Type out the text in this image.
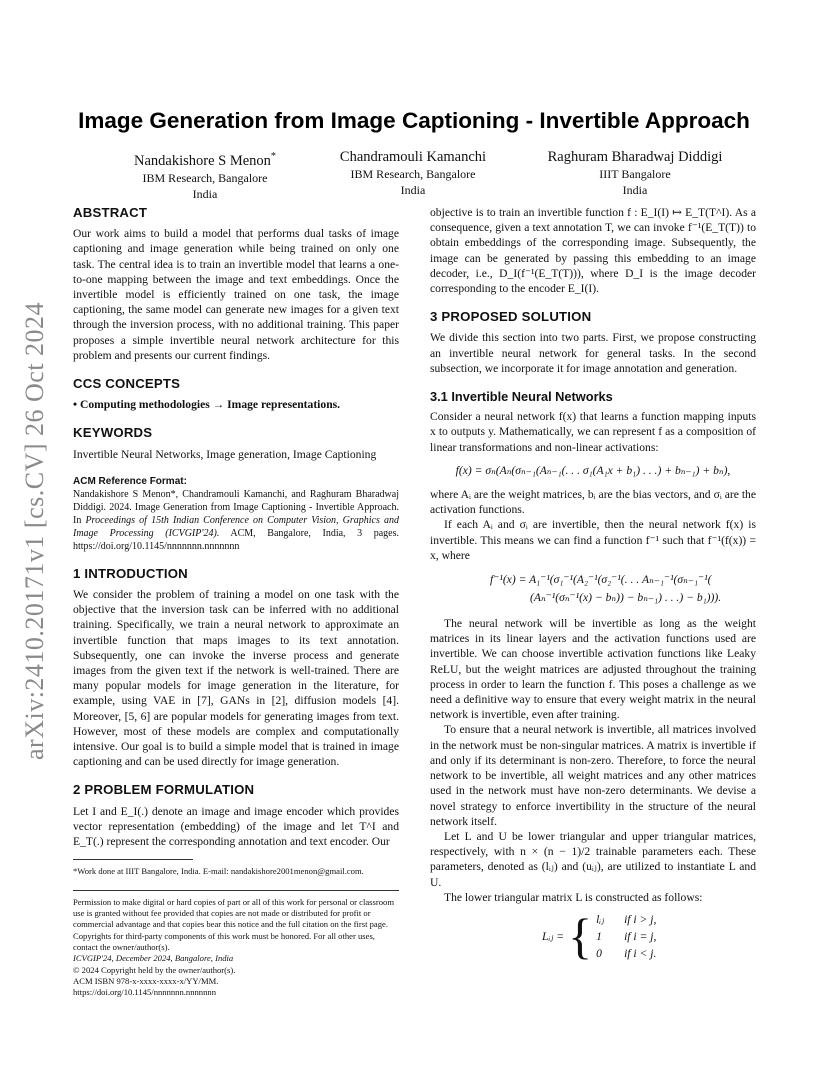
arXiv:2410.20171v1 [cs.CV] 26 Oct 2024
Image Generation from Image Captioning - Invertible Approach
Nandakishore S Menon*
IBM Research, Bangalore
India
Chandramouli Kamanchi
IBM Research, Bangalore
India
Raghuram Bharadwaj Diddigi
IIIT Bangalore
India
ABSTRACT

Our work aims to build a model that performs dual tasks of image captioning and image generation while being trained on only one task. The central idea is to train an invertible model that learns a one-to-one mapping between the image and text embeddings. Once the invertible model is efficiently trained on one task, the image captioning, the same model can generate new images for a given text through the inversion process, with no additional training. This paper proposes a simple invertible neural network architecture for this problem and presents our current findings.

CCS CONCEPTS

• Computing methodologies → Image representations.

KEYWORDS

Invertible Neural Networks, Image generation, Image Captioning

ACM Reference Format:

Nandakishore S Menon*, Chandramouli Kamanchi, and Raghuram Bharadwaj Diddigi. 2024. Image Generation from Image Captioning - Invertible Approach. In Proceedings of 15th Indian Conference on Computer Vision, Graphics and Image Processing (ICVGIP'24). ACM, Bangalore, India, 3 pages. https://doi.org/10.1145/nnnnnnn.nnnnnnn

1 INTRODUCTION

We consider the problem of training a model on one task with the objective that the inversion task can be inferred with no additional training. Specifically, we train a neural network to approximate an invertible function that maps images to its text annotation. Subsequently, one can invoke the inverse process and generate images from the given text if the network is well-trained. There are many popular models for image generation in the literature, for example, using VAE in [7], GANs in [2], diffusion models [4]. Moreover, [5, 6] are popular models for generating images from text. However, most of these models are complex and computationally intensive. Our goal is to build a simple model that is trained in image captioning and can be used directly for image generation.

2 PROBLEM FORMULATION

Let I and E_I(.) denote an image and image encoder which provides vector representation (embedding) of the image and let T^I and E_T(.) represent the corresponding annotation and text encoder. Our

*Work done at IIIT Bangalore, India. E-mail: nandakishore2001menon@gmail.com.
Permission to make digital or hard copies of part or all of this work for personal or classroom use is granted without fee provided that copies are not made or distributed for profit or commercial advantage and that copies bear this notice and the full citation on the first page. Copyrights for third-party components of this work must be honored. For all other uses, contact the owner/author(s).
ICVGIP'24, December 2024, Bangalore, India
© 2024 Copyright held by the owner/author(s).
ACM ISBN 978-x-xxxx-xxxx-x/YY/MM.
https://doi.org/10.1145/nnnnnnn.nnnnnnn

objective is to train an invertible function f : E_I(I) ↦ E_T(T^I). As a consequence, given a text annotation T, we can invoke f⁻¹(E_T(T)) to obtain embeddings of the corresponding image. Subsequently, the image can be generated by passing this embedding to an image decoder, i.e., D_I(f⁻¹(E_T(T))), where D_I is the image decoder corresponding to the encoder E_I(I).

3 PROPOSED SOLUTION

We divide this section into two parts. First, we propose constructing an invertible neural network for general tasks. In the second subsection, we incorporate it for image annotation and generation.

3.1 Invertible Neural Networks

Consider a neural network f(x) that learns a function mapping inputs x to outputs y. Mathematically, we can represent f as a composition of linear transformations and non-linear activations:

f(x) = σₙ(Aₙ(σₙ₋₁(Aₙ₋₁(. . . σ₁(A₁x + b₁) . . .) + bₙ₋₁) + bₙ),

where Aᵢ are the weight matrices, bᵢ are the bias vectors, and σᵢ are the activation functions.

If each Aᵢ and σᵢ are invertible, then the neural network f(x) is invertible. This means we can find a function f⁻¹ such that f⁻¹(f(x)) = x, where

f⁻¹(x) = A₁⁻¹(σ₁⁻¹(A₂⁻¹(σ₂⁻¹(. . . Aₙ₋₁⁻¹(σₙ₋₁⁻¹(
(Aₙ⁻¹(σₙ⁻¹(x) − bₙ)) − bₙ₋₁) . . .) − b₁))).

The neural network will be invertible as long as the weight matrices in its linear layers and the activation functions used are invertible. We can choose invertible activation functions like Leaky ReLU, but the weight matrices are adjusted throughout the training process in order to learn the function f. This poses a challenge as we need a definitive way to ensure that every weight matrix in the neural network is invertible, even after training.

To ensure that a neural network is invertible, all matrices involved in the network must be non-singular matrices. A matrix is invertible if and only if its determinant is non-zero. Therefore, to force the neural network to be invertible, all weight matrices and any other matrices used in the network must have non-zero determinants. We devise a novel strategy to enforce invertibility in the structure of the neural network itself.

Let L and U be lower triangular and upper triangular matrices, respectively, with n × (n − 1)/2 trainable parameters each. These parameters, denoted as (lᵢⱼ) and (uᵢⱼ), are utilized to instantiate L and U.

The lower triangular matrix L is constructed as follows:

Lᵢⱼ = { lᵢⱼ if i > j,
1 if i = j,
0 if i < j.
